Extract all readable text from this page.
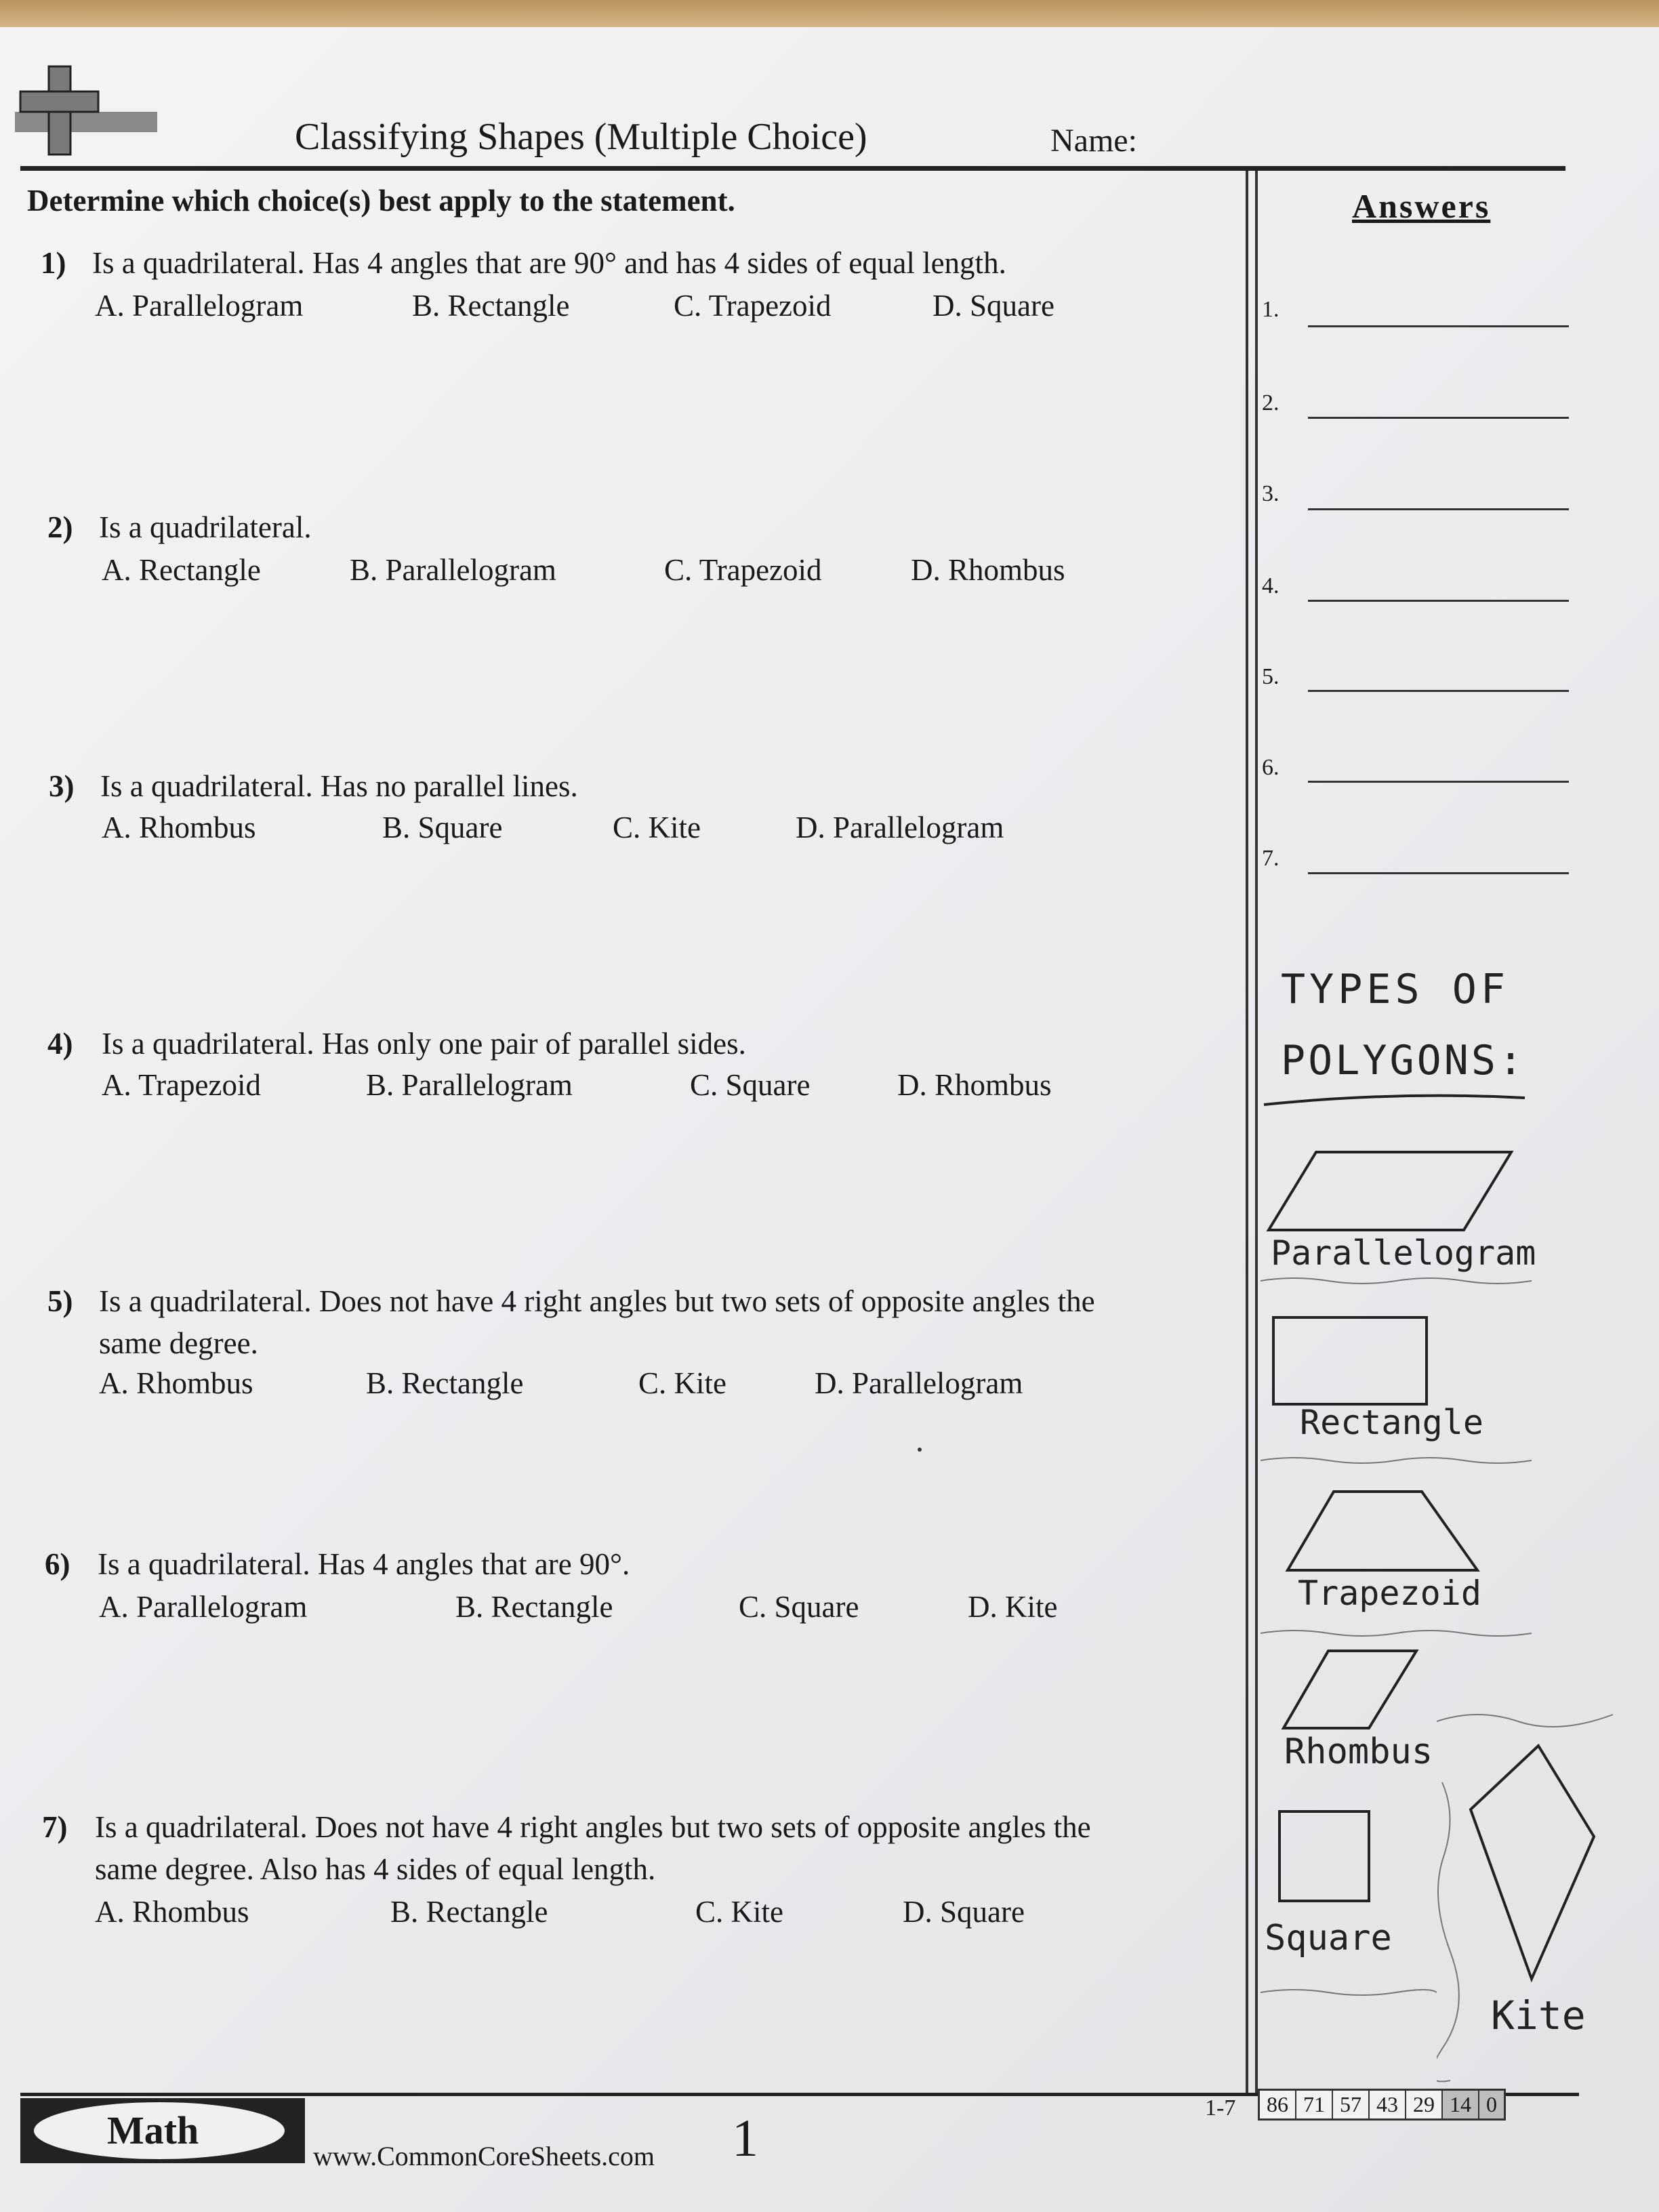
Classifying Shapes (Multiple Choice)	Name:
Determine which choice(s) best apply to the statement.	Answers
1.
2.
3.
4.
5.
6.
7.
1) Is a quadrilateral. Has 4 angles that are 90° and has 4 sides of equal length.
A. Parallelogram	B. Rectangle	C. Trapezoid	D. Square
2) Is a quadrilateral.
A. Rectangle	B. Parallelogram	C. Trapezoid	D. Rhombus
3) Is a quadrilateral. Has no parallel lines.
A. Rhombus	B. Square	C. Kite	D. Parallelogram
4) Is a quadrilateral. Has only one pair of parallel sides.
A. Trapezoid	B. Parallelogram	C. Square	D. Rhombus
5) Is a quadrilateral. Does not have 4 right angles but two sets of opposite angles the
same degree.
A. Rhombus	B. Rectangle	C. Kite	D. Parallelogram
6) Is a quadrilateral. Has 4 angles that are 90°.
A. Parallelogram	B. Rectangle	C. Square	D. Kite
7) Is a quadrilateral. Does not have 4 right angles but two sets of opposite angles the
same degree. Also has 4 sides of equal length.
A. Rhombus	B. Rectangle	C. Kite	D. Square
TYPES OF
POLYGONS:
Parallelogram
Rectangle
Trapezoid
Rhombus
Square
Kite
Math
www.CommonCoreSheets.com 1
1-7	86 71 57 43 29 14 0
